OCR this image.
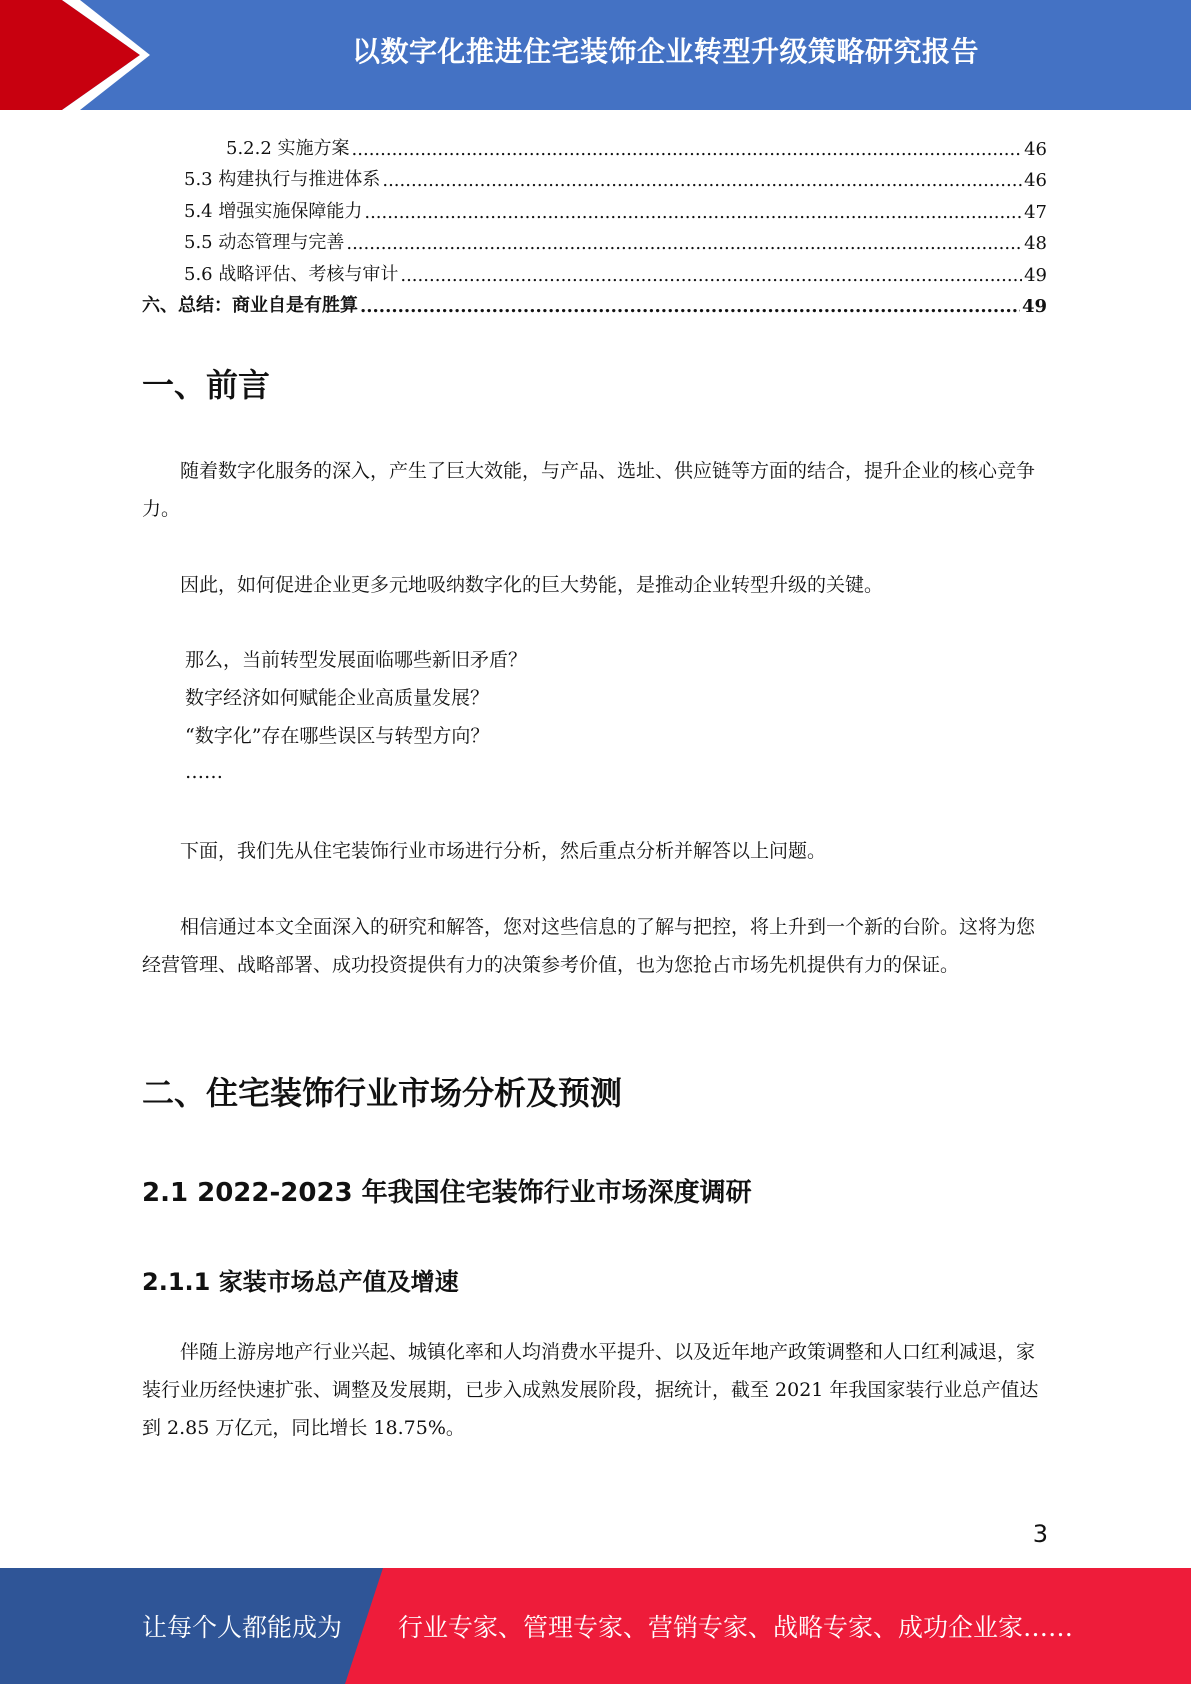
以数字化推进住宅装饰企业转型升级策略研究报告
5.2.2 实施方案 .....	46
5.3 构建执行与推进体系 .....	46
5.4 增强实施保障能力 .....	47
5.5 动态管理与完善 .....	48
5.6 战略评估、考核与审计 .....	49
六、总结：商业自是有胜算 .....	49
一、前言

随着数字化服务的深入，产生了巨大效能，与产品、选址、供应链等方面的结合，提升企业的核心竞争力。

因此，如何促进企业更多元地吸纳数字化的巨大势能，是推动企业转型升级的关键。

那么，当前转型发展面临哪些新旧矛盾？

数字经济如何赋能企业高质量发展？

“数字化”存在哪些误区与转型方向？

……

下面，我们先从住宅装饰行业市场进行分析，然后重点分析并解答以上问题。

相信通过本文全面深入的研究和解答，您对这些信息的了解与把控，将上升到一个新的台阶。这将为您经营管理、战略部署、成功投资提供有力的决策参考价值，也为您抢占市场先机提供有力的保证。

二、住宅装饰行业市场分析及预测
2.1 2022-2023 年我国住宅装饰行业市场深度调研
2.1.1 家装市场总产值及增速

伴随上游房地产行业兴起、城镇化率和人均消费水平提升、以及近年地产政策调整和人口红利减退，家装行业历经快速扩张、调整及发展期，已步入成熟发展阶段，据统计，截至 2021 年我国家装行业总产值达到 2.85 万亿元，同比增长 18.75%。

3
让每个人都能成为 行业专家、管理专家、营销专家、战略专家、成功企业家……
